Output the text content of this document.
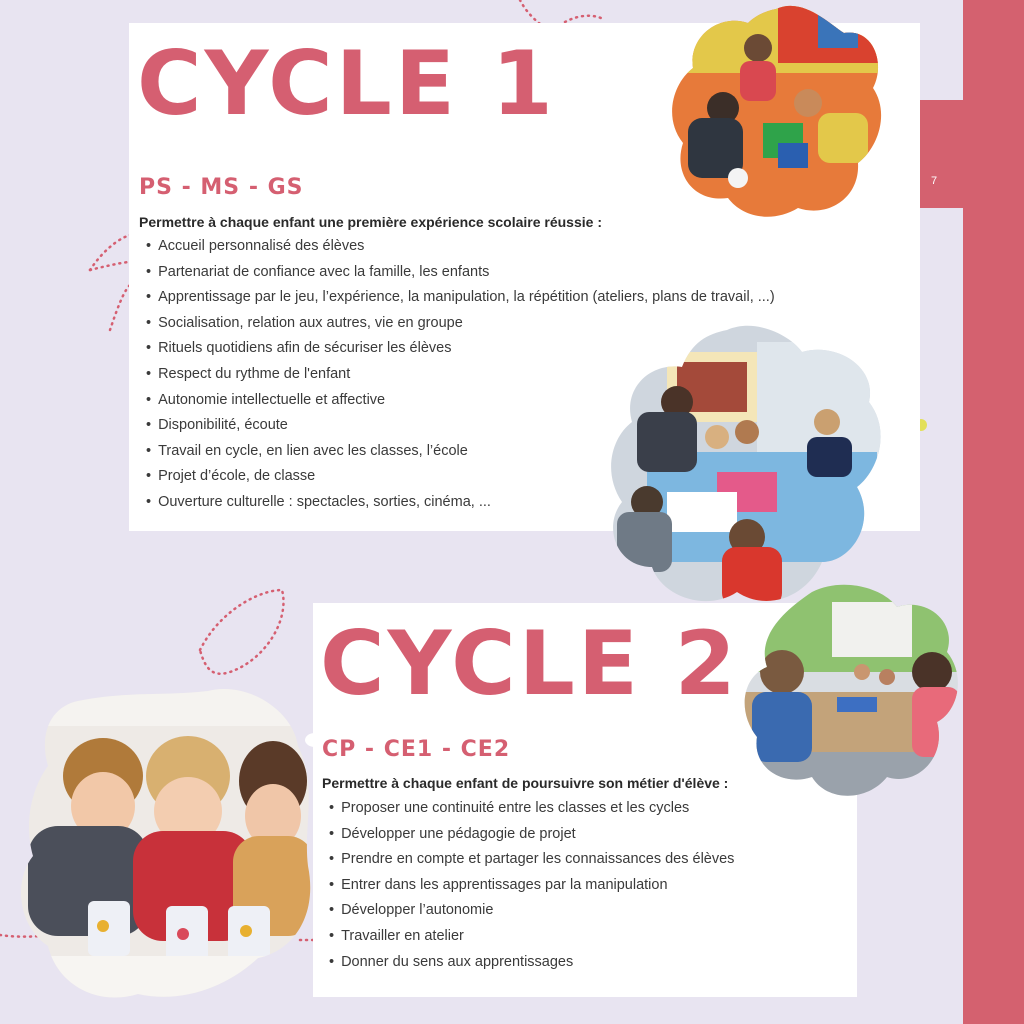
7
CYCLE 1
PS - MS - GS

Permettre à chaque enfant une première expérience scolaire réussie :

• Accueil personnalisé des élèves
• Partenariat de confiance avec la famille, les enfants
• Apprentissage par le jeu, l’expérience, la manipulation, la répétition (ateliers, plans de travail, ...)
• Socialisation, relation aux autres, vie en groupe
• Rituels quotidiens afin de sécuriser les élèves
• Respect du rythme de l'enfant
• Autonomie intellectuelle et affective
• Disponibilité, écoute
• Travail en cycle, en lien avec les classes, l’école
• Projet d’école, de classe
• Ouverture culturelle : spectacles, sorties, cinéma, ...
CYCLE 2
CP - CE1 - CE2

Permettre à chaque enfant de poursuivre son métier d'élève :

• Proposer une continuité entre les classes et les cycles
• Développer une pédagogie de projet
• Prendre en compte et partager les connaissances des élèves
• Entrer dans les apprentissages par la manipulation
• Développer l’autonomie
• Travailler en atelier
• Donner du sens aux apprentissages
